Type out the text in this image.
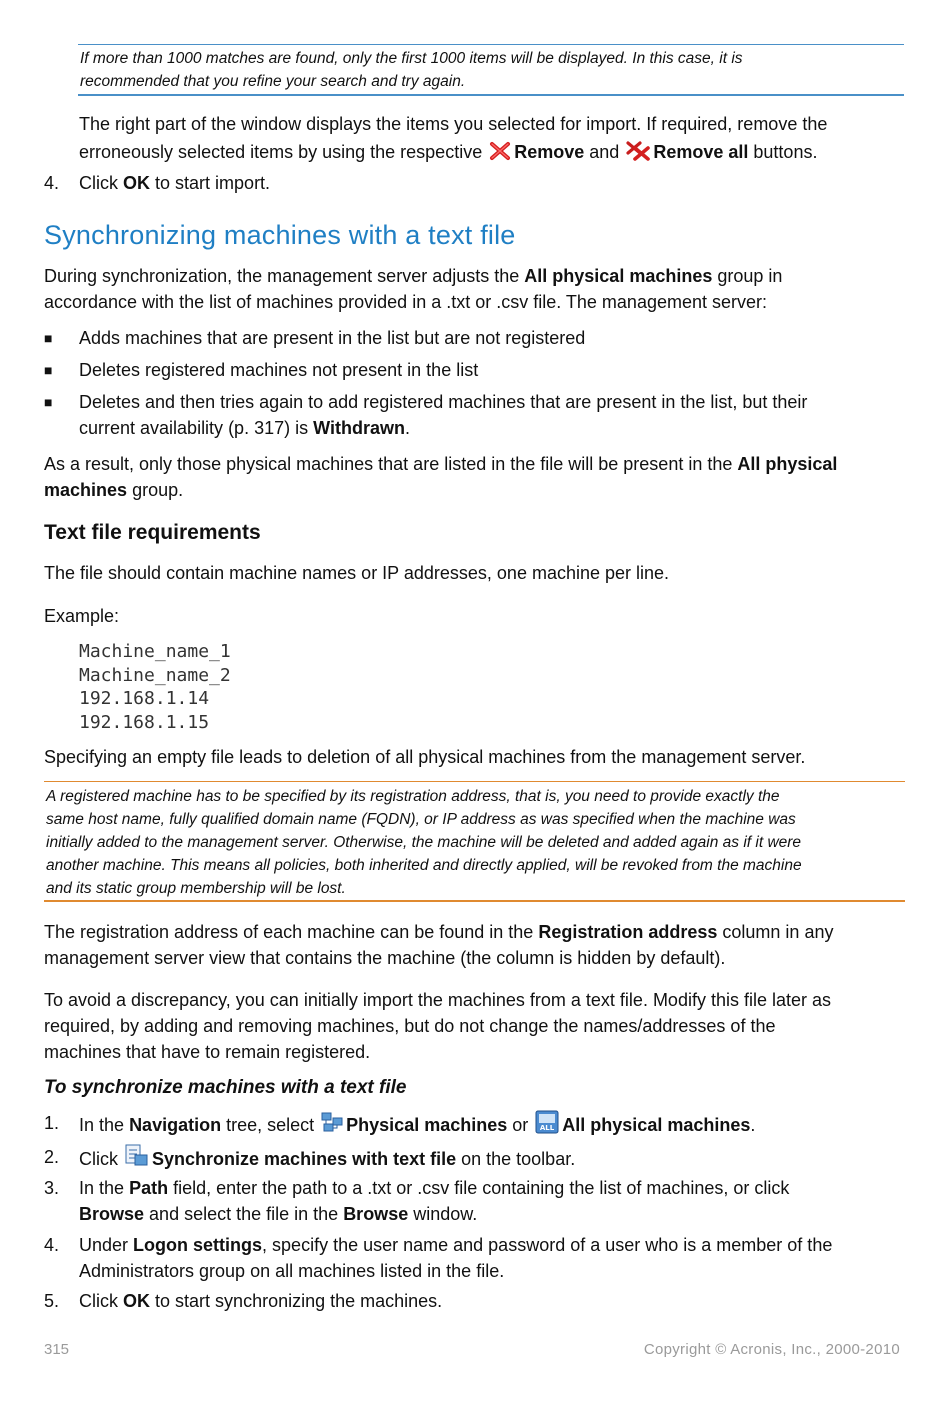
If more than 1000 matches are found, only the first 1000 items will be displayed. In this case, it is
recommended that you refine your search and try again.
The right part of the window displays the items you selected for import. If required, remove the
erroneously selected items by using the respective Remove and Remove all buttons.
4. Click OK to start import.
Synchronizing machines with a text file
During synchronization, the management server adjusts the All physical machines group in
accordance with the list of machines provided in a .txt or .csv file. The management server:
■ Adds machines that are present in the list but are not registered
■ Deletes registered machines not present in the list
■ Deletes and then tries again to add registered machines that are present in the list, but their
current availability (p. 317) is Withdrawn.
As a result, only those physical machines that are listed in the file will be present in the All physical
machines group.
Text file requirements
The file should contain machine names or IP addresses, one machine per line.
Example:
Machine_name_1
Machine_name_2
192.168.1.14
192.168.1.15
Specifying an empty file leads to deletion of all physical machines from the management server.
A registered machine has to be specified by its registration address, that is, you need to provide exactly the
same host name, fully qualified domain name (FQDN), or IP address as was specified when the machine was
initially added to the management server. Otherwise, the machine will be deleted and added again as if it were
another machine. This means all policies, both inherited and directly applied, will be revoked from the machine
and its static group membership will be lost.
The registration address of each machine can be found in the Registration address column in any
management server view that contains the machine (the column is hidden by default).
To avoid a discrepancy, you can initially import the machines from a text file. Modify this file later as
required, by adding and removing machines, but do not change the names/addresses of the
machines that have to remain registered.
To synchronize machines with a text file
1. In the Navigation tree, select Physical machines or ALL All physical machines.
2. Click Synchronize machines with text file on the toolbar.
3. In the Path field, enter the path to a .txt or .csv file containing the list of machines, or click
Browse and select the file in the Browse window.
4. Under Logon settings, specify the user name and password of a user who is a member of the
Administrators group on all machines listed in the file.
5. Click OK to start synchronizing the machines.
315	Copyright © Acronis, Inc., 2000-2010
